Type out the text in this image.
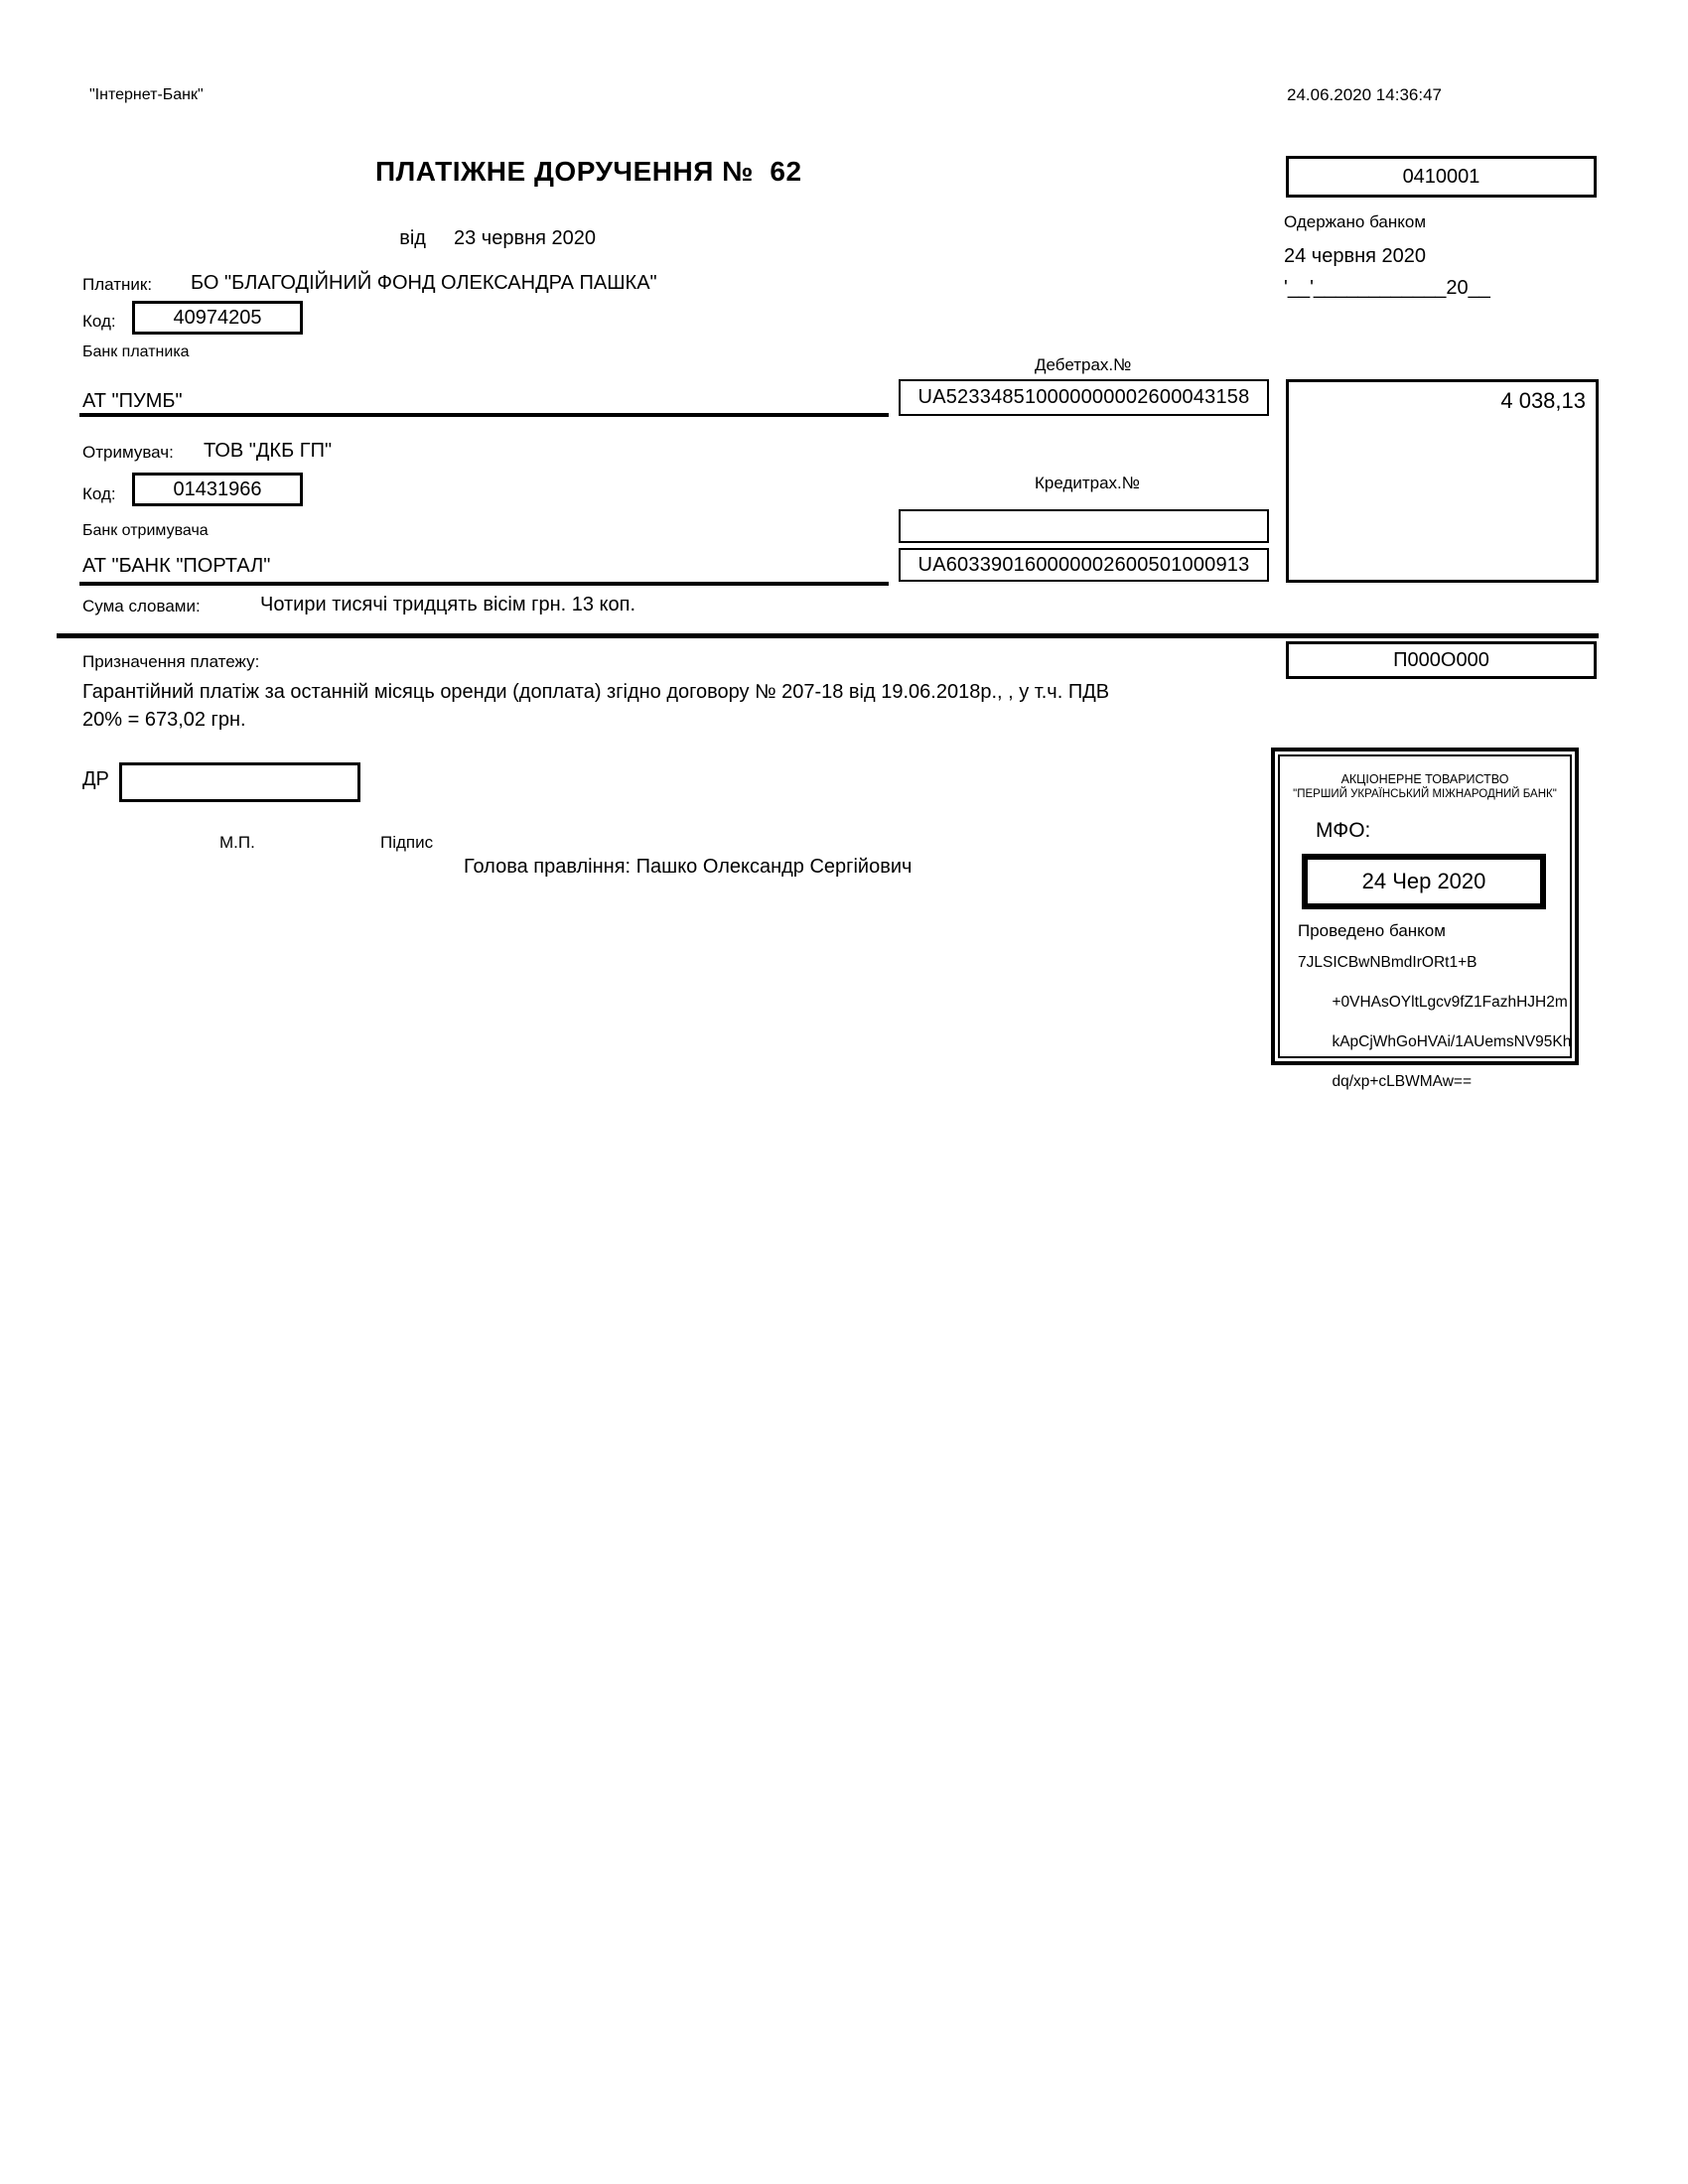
"Інтернет-Банк"	24.06.2020 14:36:47
ПЛАТІЖНЕ ДОРУЧЕННЯ №  62

від 23 червня 2020

0410001
Одержано банком
24 червня 2020
'__'____________20__
Платник: БО "БЛАГОДІЙНИЙ ФОНД ОЛЕКСАНДРА ПАШКА"
Код:	40974205
Банк платника
Дебетрах.№
АТ "ПУМБ"	UA523348510000000002600043158	4 038,13
Отримувач: ТОВ "ДКБ ГП"
Код:	01431966	Кредитрах.№
Банк отримувача
АТ "БАНК "ПОРТАЛ"	UA603390160000002600501000913
Сума словами:	Чотири тисячі тридцять вісім грн. 13 коп.
Призначення платежу:	П000О000
Гарантійний платіж за останній місяць оренди (доплата) згідно договору № 207-18 від 19.06.2018р., , у т.ч. ПДВ
20% = 673,02 грн.
ДР
М.П.	Підпис
Голова правління: Пашко Олександр Сергійович
АКЦІОНЕРНЕ ТОВАРИСТВО
"ПЕРШИЙ УКРАЇНСЬКИЙ МІЖНАРОДНИЙ БАНК"
МФО:
24 Чер 2020
Проведено банком
7JLSICBwNBmdIrORt1+B

+0VHAsOYltLgcv9fZ1FazhHJH2m

kApCjWhGoHVAi/1AUemsNV95Kh

dq/xp+cLBWMAw==
